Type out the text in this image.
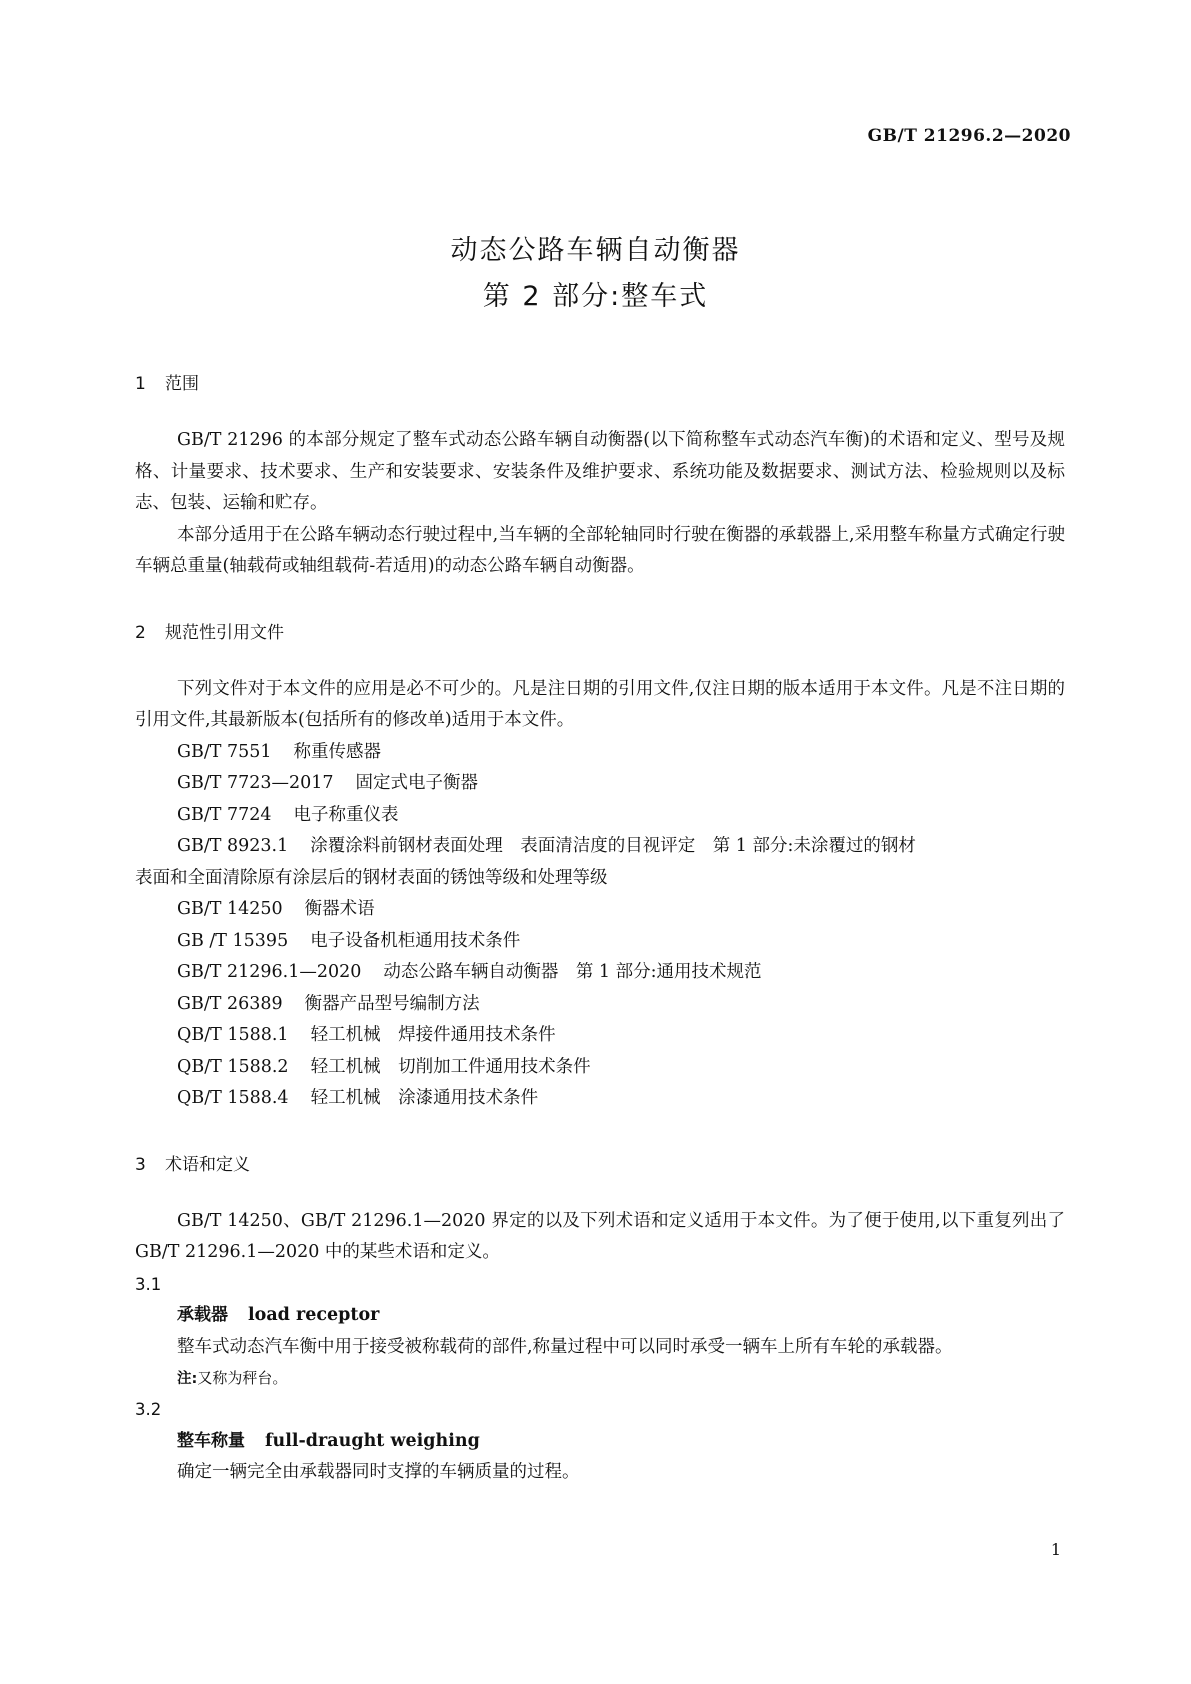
GB/T 21296.2—2020
动态公路车辆自动衡器
第 2 部分:整车式
1 范围

GB/T 21296 的本部分规定了整车式动态公路车辆自动衡器(以下简称整车式动态汽车衡)的术语和定义、型号及规格、计量要求、技术要求、生产和安装要求、安装条件及维护要求、系统功能及数据要求、测试方法、检验规则以及标志、包装、运输和贮存。

本部分适用于在公路车辆动态行驶过程中,当车辆的全部轮轴同时行驶在衡器的承载器上,采用整车称量方式确定行驶车辆总重量(轴载荷或轴组载荷-若适用)的动态公路车辆自动衡器。

2 规范性引用文件

下列文件对于本文件的应用是必不可少的。凡是注日期的引用文件,仅注日期的版本适用于本文件。凡是不注日期的引用文件,其最新版本(包括所有的修改单)适用于本文件。

GB/T 7551 称重传感器
GB/T 7723—2017 固定式电子衡器
GB/T 7724 电子称重仪表
GB/T 8923.1 涂覆涂料前钢材表面处理　表面清洁度的目视评定　第 1 部分:未涂覆过的钢材
表面和全面清除原有涂层后的钢材表面的锈蚀等级和处理等级
GB/T 14250 衡器术语
GB /T 15395 电子设备机柜通用技术条件
GB/T 21296.1—2020 动态公路车辆自动衡器　第 1 部分:通用技术规范
GB/T 26389 衡器产品型号编制方法
QB/T 1588.1 轻工机械　焊接件通用技术条件
QB/T 1588.2 轻工机械　切削加工件通用技术条件
QB/T 1588.4 轻工机械　涂漆通用技术条件
3 术语和定义

GB/T 14250、GB/T 21296.1—2020 界定的以及下列术语和定义适用于本文件。为了便于使用,以下重复列出了 GB/T 21296.1—2020 中的某些术语和定义。

3.1
承载器 load receptor

整车式动态汽车衡中用于接受被称载荷的部件,称量过程中可以同时承受一辆车上所有车轮的承载器。

注:又称为秤台。
3.2
整车称量 full-draught weighing

确定一辆完全由承载器同时支撑的车辆质量的过程。

1
